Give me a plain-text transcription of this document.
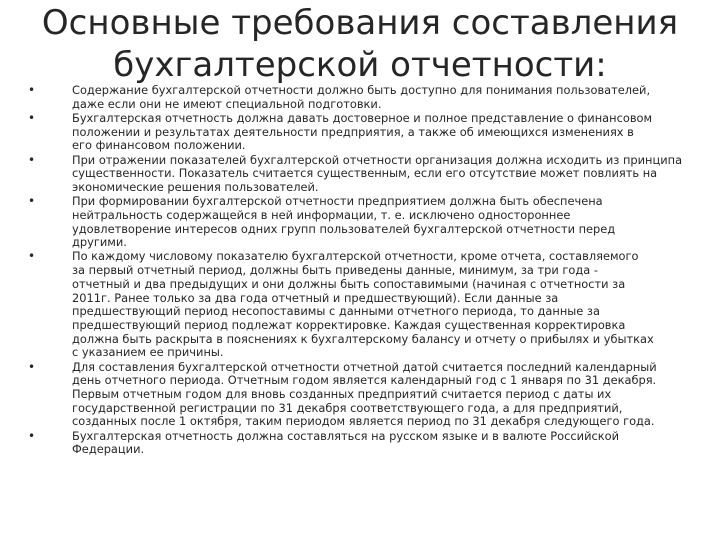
Основные требования составления
бухгалтерской отчетности:
•	Содержание бухгалтерской отчетности должно быть доступно для понимания пользователей,
даже если они не имеют специальной подготовки.
•	Бухгалтерская отчетность должна давать достоверное и полное представление о финансовом
положении и результатах деятельности предприятия, а также об имеющихся изменениях в
его финансовом положении.
•	При отражении показателей бухгалтерской отчетности организация должна исходить из принципа
существенности. Показатель считается существенным, если его отсутствие может повлиять на
экономические решения пользователей.
•	При формировании бухгалтерской отчетности предприятием должна быть обеспечена
нейтральность содержащейся в ней информации, т. е. исключено одностороннее
удовлетворение интересов одних групп пользователей бухгалтерской отчетности перед
другими.
•	По каждому числовому показателю бухгалтерской отчетности, кроме отчета, составляемого
за первый отчетный период, должны быть приведены данные, минимум, за три года -
отчетный и два предыдущих и они должны быть сопоставимыми (начиная с отчетности за
2011г. Ранее только за два года отчетный и предшествующий). Если данные за
предшествующий период несопоставимы с данными отчетного периода, то данные за
предшествующий период подлежат корректировке. Каждая существенная корректировка
должна быть раскрыта в пояснениях к бухгалтерскому балансу и отчету о прибылях и убытках
с указанием ее причины.
•	Для составления бухгалтерской отчетности отчетной датой считается последний календарный
день отчетного периода. Отчетным годом является календарный год с 1 января по 31 декабря.
Первым отчетным годом для вновь созданных предприятий считается период с даты их
государственной регистрации по 31 декабря соответствующего года, а для предприятий,
созданных после 1 октября, таким периодом является период по 31 декабря следующего года.
•	Бухгалтерская отчетность должна составляться на русском языке и в валюте Российской
Федерации.
